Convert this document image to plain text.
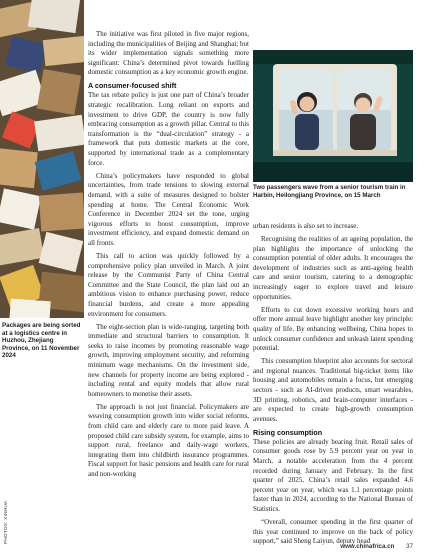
Packages are being sorted at a logistics centre in Huzhou, Zhejiang Province, on 11 November 2024
PHOTOS: XINHUA

The initiative was first piloted in five major regions, including the municipalities of Beijing and Shanghai; but its wider implementation signals something more significant: China’s determined pivot towards fuelling domestic consumption as a key economic growth engine.

A consumer-focused shift

The tax rebate policy is just one part of China’s broader strategic recalibration. Long reliant on exports and investment to drive GDP, the country is now fully embracing consumption as a growth pillar. Central to this transformation is the “dual-circulation” strategy - a framework that puts domestic markets at the core, supported by international trade as a complementary force.

China’s policymakers have responded to global uncertainties, from trade tensions to slowing external demand, with a suite of measures designed to bolster spending at home. The Central Economic Work Conference in December 2024 set the tone, urging vigorous efforts to boost consumption, improve investment efficiency, and expand domestic demand on all fronts.

This call to action was quickly followed by a comprehensive policy plan unveiled in March. A joint release by the Communist Party of China Central Committee and the State Council, the plan laid out an ambitious vision to enhance purchasing power, reduce financial burdens, and create a more appealing environment for consumers.

The eight-section plan is wide-ranging, targeting both immediate and structural barriers to consumption. It seeks to raise incomes by promoting reasonable wage growth, improving employment security, and reforming minimum wage mechanisms. On the investment side, new channels for property income are being explored - including rental and equity models that allow rural homeowners to monetise their assets.

The approach is not just financial. Policymakers are weaving consumption growth into wider social reforms, from child care and elderly care to more paid leave. A proposed child care subsidy system, for example, aims to support rural, freelance and daily-wage workers, integrating them into childbirth insurance programmes. Fiscal support for basic pensions and health care for rural and non-working

Two passengers wave from a senior tourism train in Harbin, Heilongjiang Province, on 15 March

urban residents is also set to increase.

Recognising the realities of an ageing population, the plan highlights the importance of unlocking the consumption potential of older adults. It encourages the development of industries such as anti-ageing health care and senior tourism, catering to a demographic increasingly eager to explore travel and leisure opportunities.

Efforts to cut down excessive working hours and offer more annual leave highlight another key principle: quality of life. By enhancing wellbeing, China hopes to unlock consumer confidence and unleash latent spending potential.

This consumption blueprint also accounts for sectoral and regional nuances. Traditional big-ticket items like housing and automobiles remain a focus, but emerging sectors - such as AI-driven products, smart wearables, 3D printing, robotics, and brain-computer interfaces - are expected to create high-growth consumption avenues.

Rising consumption

These policies are already bearing fruit. Retail sales of consumer goods rose by 5.9 percent year on year in March, a notable acceleration from the 4 percent recorded during January and February. In the first quarter of 2025, China’s retail sales expanded 4.6 percent year on year, which was 1.1 percentage points faster than in 2024, according to the National Bureau of Statistics.

“Overall, consumer spending in the first quarter of this year continued to improve on the back of policy support,” said Sheng Laiyun, deputy head

www.chinafrica.cn 37
